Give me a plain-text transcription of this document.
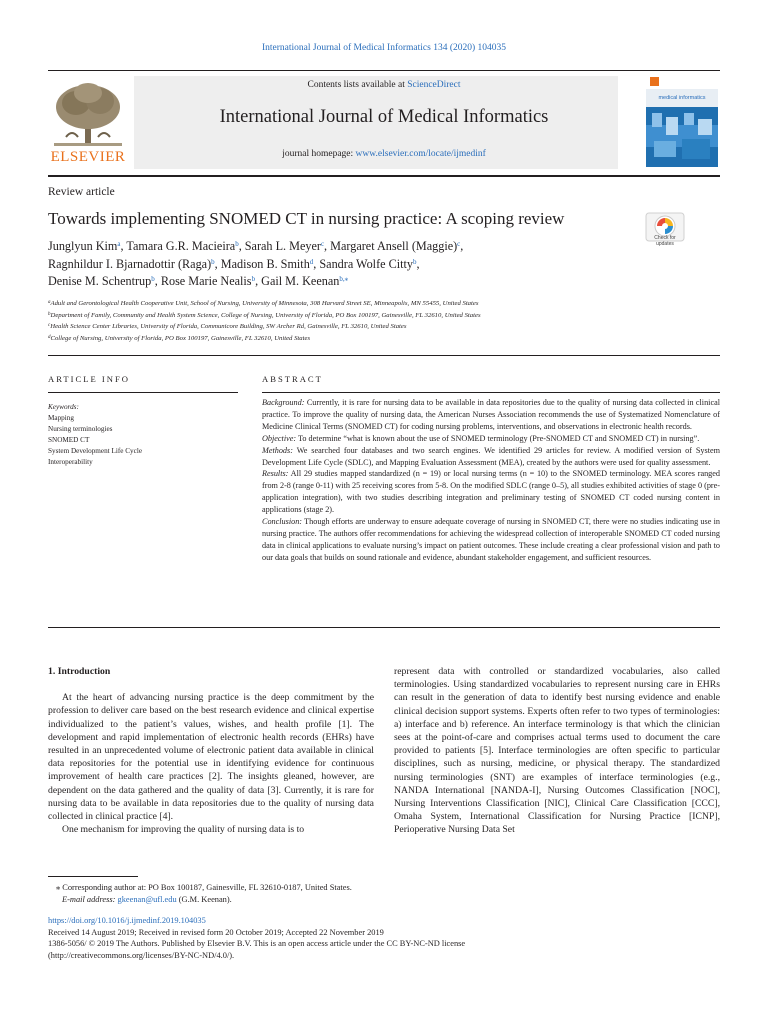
International Journal of Medical Informatics 134 (2020) 104035
ELSEVIER
Contents lists available at ScienceDirect
International Journal of Medical Informatics
journal homepage: www.elsevier.com/locate/ijmedinf
medical informatics
Review article
Towards implementing SNOMED CT in nursing practice: A scoping review
Check for updates
Junglyun Kim$^a$, Tamara G.R. Macieira$^b$, Sarah L. Meyer$^c$, Margaret Ansell (Maggie)$^c$,
Ragnhildur I. Bjarnadottir (Raga)$^b$, Madison B. Smith$^d$, Sandra Wolfe Citty$^b$,
Denise M. Schentrup$^b$, Rose Marie Nealis$^b$, Gail M. Keenan$^{b,⁎}$
$^a$Adult and Gerontological Health Cooperative Unit, School of Nursing, University of Minnesota, 308 Harvard Street SE, Minneapolis, MN 55455, United States
$^b$Department of Family, Community and Health System Science, College of Nursing, University of Florida, PO Box 100197, Gainesville, FL 32610, United States
$^c$Health Science Center Libraries, University of Florida, Communicore Building, SW Archer Rd, Gainesville, FL 32610, United States
$^d$College of Nursing, University of Florida, PO Box 100197, Gainesville, FL 32610, United States
ARTICLE INFO
Keywords:
Mapping
Nursing terminologies
SNOMED CT
System Development Life Cycle
Interoperability
ABSTRACT

Background: Currently, it is rare for nursing data to be available in data repositories due to the quality of nursing data collected in clinical practice. To improve the quality of nursing data, the American Nurses Association recommends the use of Systematized Nomenclature of Medicine Clinical Terms (SNOMED CT) for coding nursing problems, interventions, and observations in electronic health records.

Objective: To determine “what is known about the use of SNOMED terminology (Pre-SNOMED CT and SNOMED CT) in nursing”.

Methods: We searched four databases and two search engines. We identified 29 articles for review. A modified version of System Development Life Cycle (SDLC), and Mapping Evaluation Assessment (MEA), created by the authors were used for quality assessment.

Results: All 29 studies mapped standardized (n = 19) or local nursing terms (n = 10) to the SNOMED terminology. MEA scores ranged from 2-8 (range 0-11) with 25 receiving scores from 5-8. On the modified SDLC (range 0–5), all studies exhibited activities of stage 0 (pre-application integration), with two studies describing integration and preliminary testing of SNOMED CT coded nursing content in applications (stage 2).

Conclusion: Though efforts are underway to ensure adequate coverage of nursing in SNOMED CT, there were no studies indicating use in nursing practice. The authors offer recommendations for achieving the widespread collection of interoperable SNOMED CT coded nursing data in clinical applications to evaluate nursing’s impact on patient outcomes. These include creating a clear professional vision and path to our data goals that builds on sound rationale and evidence, abundant stakeholder engagement, and sufficient resources.

1. Introduction

At the heart of advancing nursing practice is the deep commitment by the profession to deliver care based on the best research evidence and clinical expertise individualized to the patient’s values, wishes, and health profile [1]. The development and rapid implementation of electronic health records (EHRs) have resulted in an unprecedented volume of electronic patient data available in clinical data repositories for the potential use in identifying evidence for continuous improvement of health care practices [2]. The insights gleaned, however, are dependent on the data gathered and the quality of data [3]. Currently, it is rare for nursing data to be available in data repositories due to the quality of nursing data collected in clinical practice [4].

One mechanism for improving the quality of nursing data is to

represent data with controlled or standardized vocabularies, also called terminologies. Using standardized vocabularies to represent nursing care in EHRs can result in the generation of data to identify best nursing evidence and enable clinical decision support systems. Experts often refer to two types of terminologies: a) interface and b) reference. An interface terminology is that which the clinician sees at the point-of-care and comprises actual terms used to document the care provided to patients [5]. Interface terminologies are often specific to particular disciplines, such as nursing, medicine, or physical therapy. The standardized nursing terminologies (SNT) are examples of interface terminologies (e.g., NANDA International [NANDA-I], Nursing Outcomes Classification [NOC], Nursing Interventions Classification [NIC], Clinical Care Classification [CCC], Omaha System, International Classification for Nursing Practice [ICNP], Perioperative Nursing Data Set

⁎ Corresponding author at: PO Box 100187, Gainesville, FL 32610-0187, United States.
E-mail address: gkeenan@ufl.edu (G.M. Keenan).
https://doi.org/10.1016/j.ijmedinf.2019.104035
Received 14 August 2019; Received in revised form 20 October 2019; Accepted 22 November 2019
1386-5056/ © 2019 The Authors. Published by Elsevier B.V. This is an open access article under the CC BY-NC-ND license
(http://creativecommons.org/licenses/BY-NC-ND/4.0/).
